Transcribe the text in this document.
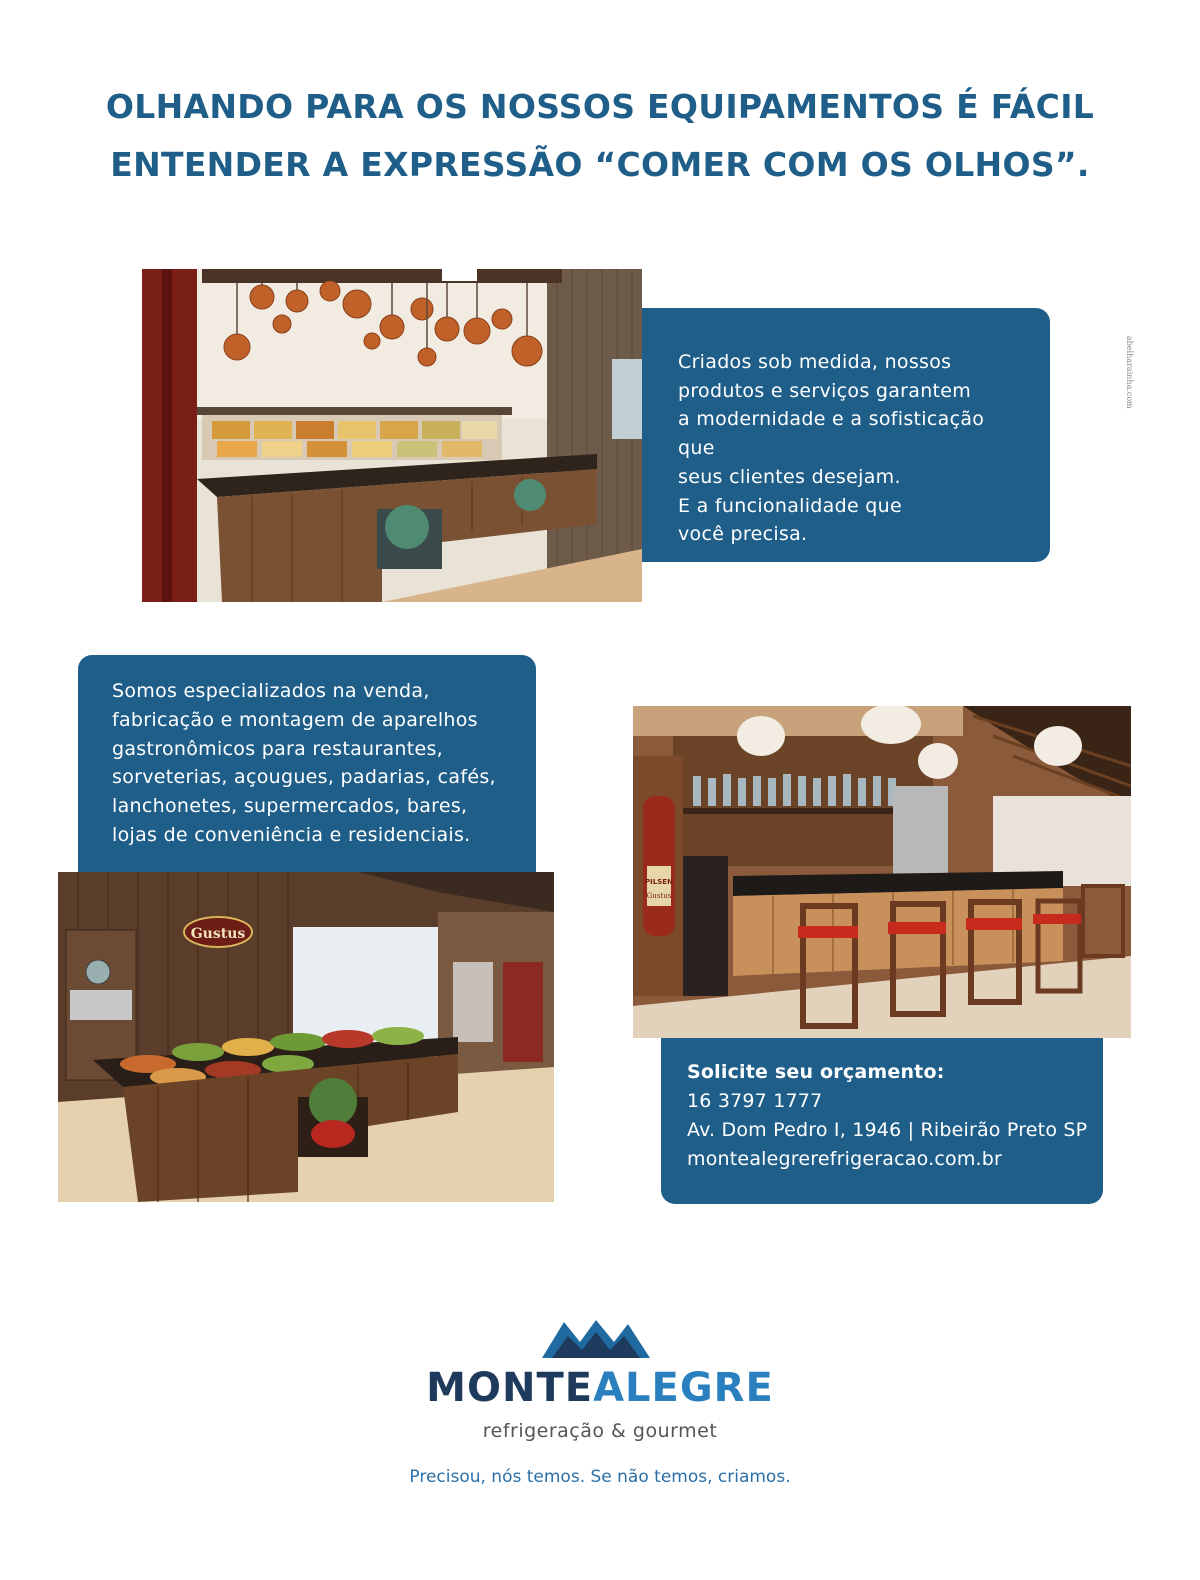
OLHANDO PARA OS NOSSOS EQUIPAMENTOS É FÁCIL
ENTENDER A EXPRESSÃO “COMER COM OS OLHOS”.
Criados sob medida, nossos
produtos e serviços garantem
a modernidade e a sofisticação que
seus clientes desejam.
E a funcionalidade que
você precisa.
Somos especializados na venda,
fabricação e montagem de aparelhos
gastronômicos para restaurantes,
sorveterias, açougues, padarias, cafés,
lanchonetes, supermercados, bares,
lojas de conveniência e residenciais.
Gustus
Solicite seu orçamento:
16 3797 1777
Av. Dom Pedro I, 1946 | Ribeirão Preto SP
montealegrerefrigeracao.com.br
PILSEN
Gustus
abelharainha.com
MONTEALEGRE
refrigeração & gourmet
Precisou, nós temos. Se não temos, criamos.
